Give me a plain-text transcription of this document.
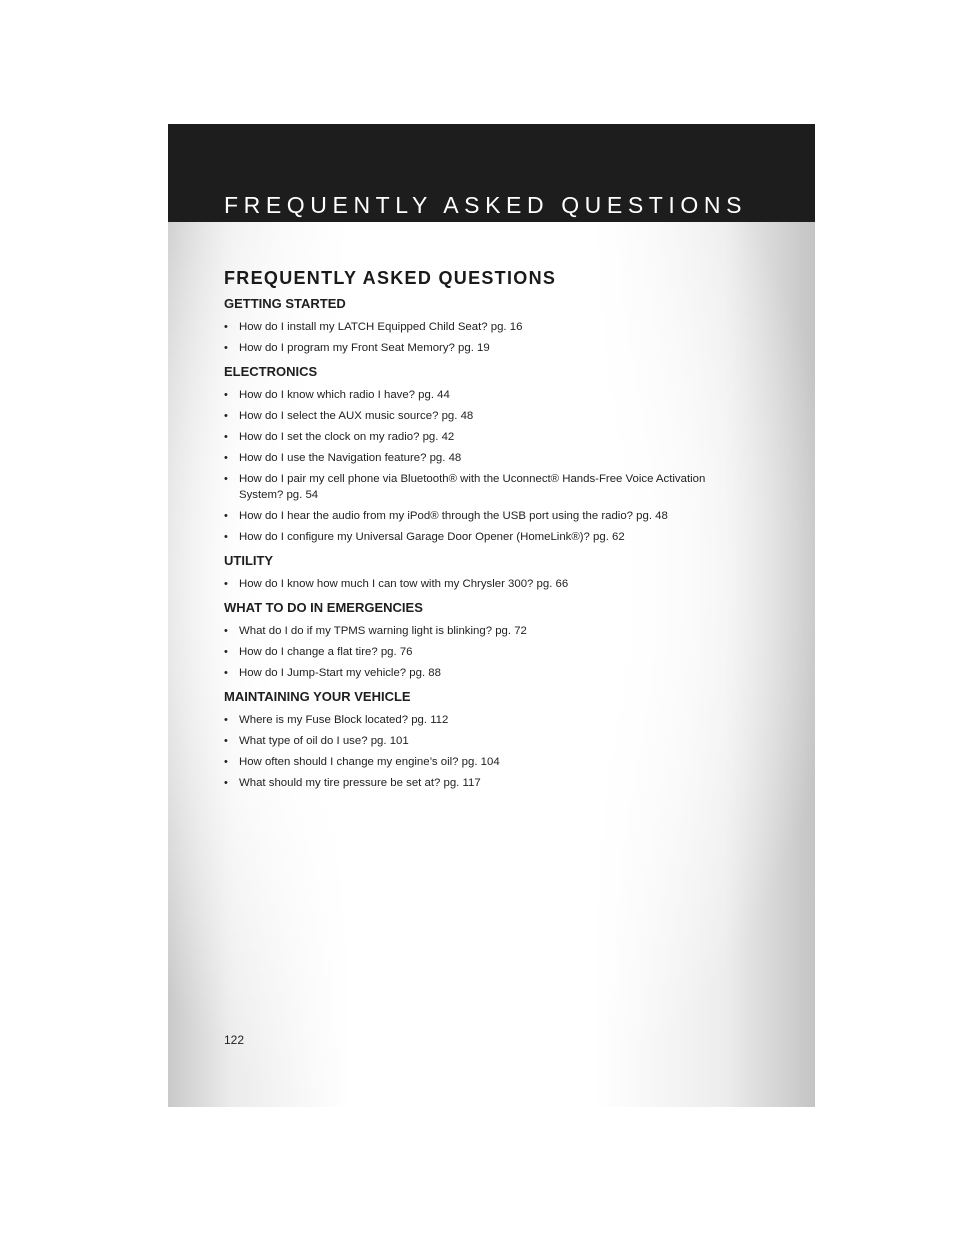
FREQUENTLY ASKED QUESTIONS
FREQUENTLY ASKED QUESTIONS
GETTING STARTED
• How do I install my LATCH Equipped Child Seat? pg. 16
• How do I program my Front Seat Memory? pg. 19
ELECTRONICS
• How do I know which radio I have? pg. 44
• How do I select the AUX music source? pg. 48
• How do I set the clock on my radio? pg. 42
• How do I use the Navigation feature? pg. 48
• How do I pair my cell phone via Bluetooth® with the Uconnect® Hands-Free Voice Activation System? pg. 54
• How do I hear the audio from my iPod® through the USB port using the radio? pg. 48
• How do I configure my Universal Garage Door Opener (HomeLink®)? pg. 62
UTILITY
• How do I know how much I can tow with my Chrysler 300? pg. 66
WHAT TO DO IN EMERGENCIES
• What do I do if my TPMS warning light is blinking? pg. 72
• How do I change a flat tire? pg. 76
• How do I Jump-Start my vehicle? pg. 88
MAINTAINING YOUR VEHICLE
• Where is my Fuse Block located? pg. 112
• What type of oil do I use? pg. 101
• How often should I change my engine’s oil? pg. 104
• What should my tire pressure be set at? pg. 117
122
